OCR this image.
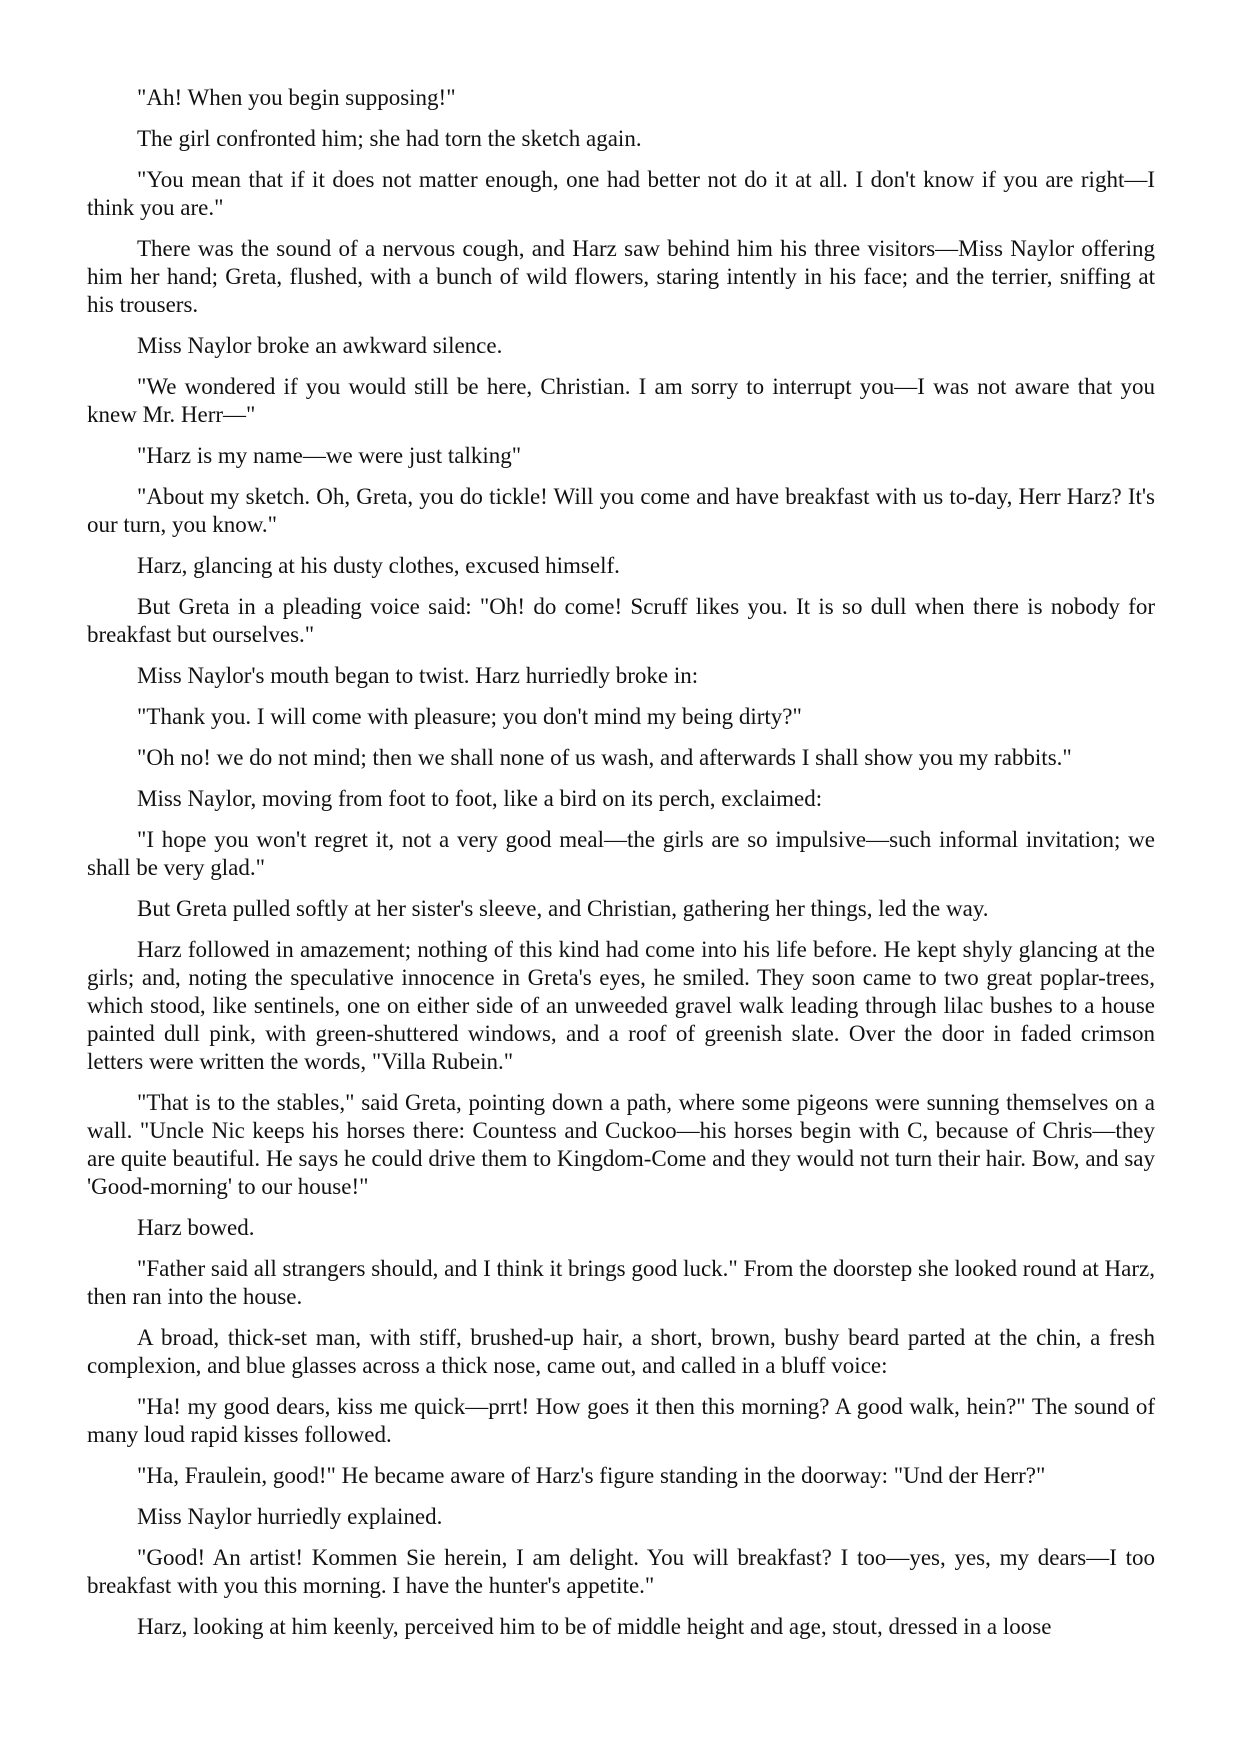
"Ah! When you begin supposing!"

The girl confronted him; she had torn the sketch again.

"You mean that if it does not matter enough, one had better not do it at all. I don't know if you are right—I think you are."

There was the sound of a nervous cough, and Harz saw behind him his three visitors—Miss Naylor offering him her hand; Greta, flushed, with a bunch of wild flowers, staring intently in his face; and the terrier, sniffing at his trousers.

Miss Naylor broke an awkward silence.

"We wondered if you would still be here, Christian. I am sorry to interrupt you—I was not aware that you knew Mr. Herr—"

"Harz is my name—we were just talking"

"About my sketch. Oh, Greta, you do tickle! Will you come and have breakfast with us to-day, Herr Harz? It's our turn, you know."

Harz, glancing at his dusty clothes, excused himself.

But Greta in a pleading voice said: "Oh! do come! Scruff likes you. It is so dull when there is nobody for breakfast but ourselves."

Miss Naylor's mouth began to twist. Harz hurriedly broke in:

"Thank you. I will come with pleasure; you don't mind my being dirty?"

"Oh no! we do not mind; then we shall none of us wash, and afterwards I shall show you my rabbits."

Miss Naylor, moving from foot to foot, like a bird on its perch, exclaimed:

"I hope you won't regret it, not a very good meal—the girls are so impulsive—such informal invitation; we shall be very glad."

But Greta pulled softly at her sister's sleeve, and Christian, gathering her things, led the way.

Harz followed in amazement; nothing of this kind had come into his life before. He kept shyly glancing at the girls; and, noting the speculative innocence in Greta's eyes, he smiled. They soon came to two great poplar-trees, which stood, like sentinels, one on either side of an unweeded gravel walk leading through lilac bushes to a house painted dull pink, with green-shuttered windows, and a roof of greenish slate. Over the door in faded crimson letters were written the words, "Villa Rubein."

"That is to the stables," said Greta, pointing down a path, where some pigeons were sunning themselves on a wall. "Uncle Nic keeps his horses there: Countess and Cuckoo—his horses begin with C, because of Chris—they are quite beautiful. He says he could drive them to Kingdom-Come and they would not turn their hair. Bow, and say 'Good-morning' to our house!"

Harz bowed.

"Father said all strangers should, and I think it brings good luck." From the doorstep she looked round at Harz, then ran into the house.

A broad, thick-set man, with stiff, brushed-up hair, a short, brown, bushy beard parted at the chin, a fresh complexion, and blue glasses across a thick nose, came out, and called in a bluff voice:

"Ha! my good dears, kiss me quick—prrt! How goes it then this morning? A good walk, hein?" The sound of many loud rapid kisses followed.

"Ha, Fraulein, good!" He became aware of Harz's figure standing in the doorway: "Und der Herr?"

Miss Naylor hurriedly explained.

"Good! An artist! Kommen Sie herein, I am delight. You will breakfast? I too—yes, yes, my dears—I too breakfast with you this morning. I have the hunter's appetite."

Harz, looking at him keenly, perceived him to be of middle height and age, stout, dressed in a loose
